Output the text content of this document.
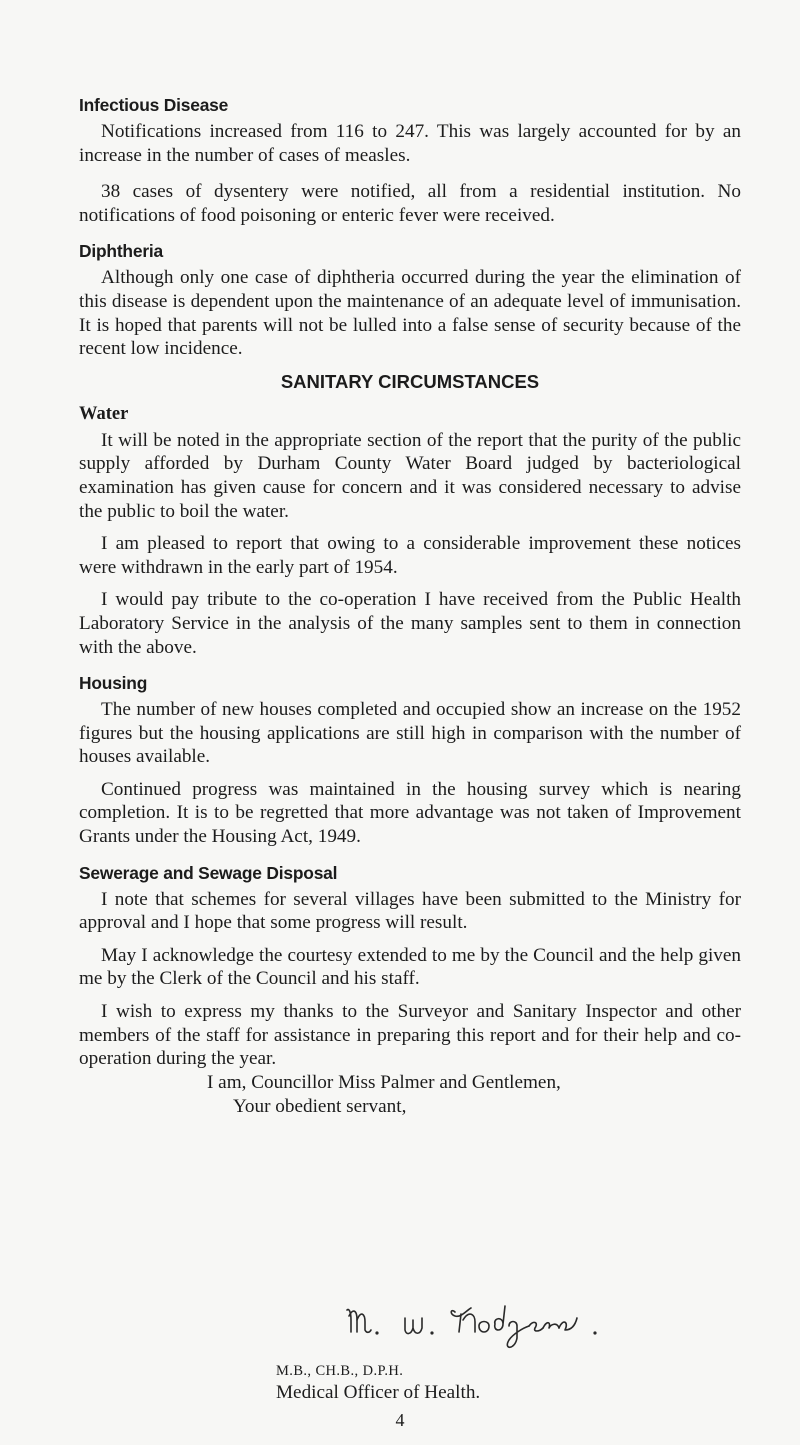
Infectious Disease

Notifications increased from 116 to 247. This was largely accounted for by an increase in the number of cases of measles.

38 cases of dysentery were notified, all from a residential institution. No notifications of food poisoning or enteric fever were received.

Diphtheria

Although only one case of diphtheria occurred during the year the elimination of this disease is dependent upon the maintenance of an adequate level of immunisation. It is hoped that parents will not be lulled into a false sense of security because of the recent low incidence.

SANITARY CIRCUMSTANCES
Water

It will be noted in the appropriate section of the report that the purity of the public supply afforded by Durham County Water Board judged by bacteriological examination has given cause for concern and it was considered necessary to advise the public to boil the water.

I am pleased to report that owing to a considerable improvement these notices were withdrawn in the early part of 1954.

I would pay tribute to the co-operation I have received from the Public Health Laboratory Service in the analysis of the many samples sent to them in connection with the above.

Housing

The number of new houses completed and occupied show an increase on the 1952 figures but the housing applications are still high in comparison with the number of houses available.

Continued progress was maintained in the housing survey which is nearing completion. It is to be regretted that more advantage was not taken of Improvement Grants under the Housing Act, 1949.

Sewerage and Sewage Disposal

I note that schemes for several villages have been submitted to the Ministry for approval and I hope that some progress will result.

May I acknowledge the courtesy extended to me by the Council and the help given me by the Clerk of the Council and his staff.

I wish to express my thanks to the Surveyor and Sanitary Inspector and other members of the staff for assistance in preparing this report and for their help and co-operation during the year.

I am, Councillor Miss Palmer and Gentlemen,

Your obedient servant,

M.B., CH.B., D.P.H.
Medical Officer of Health.
4
